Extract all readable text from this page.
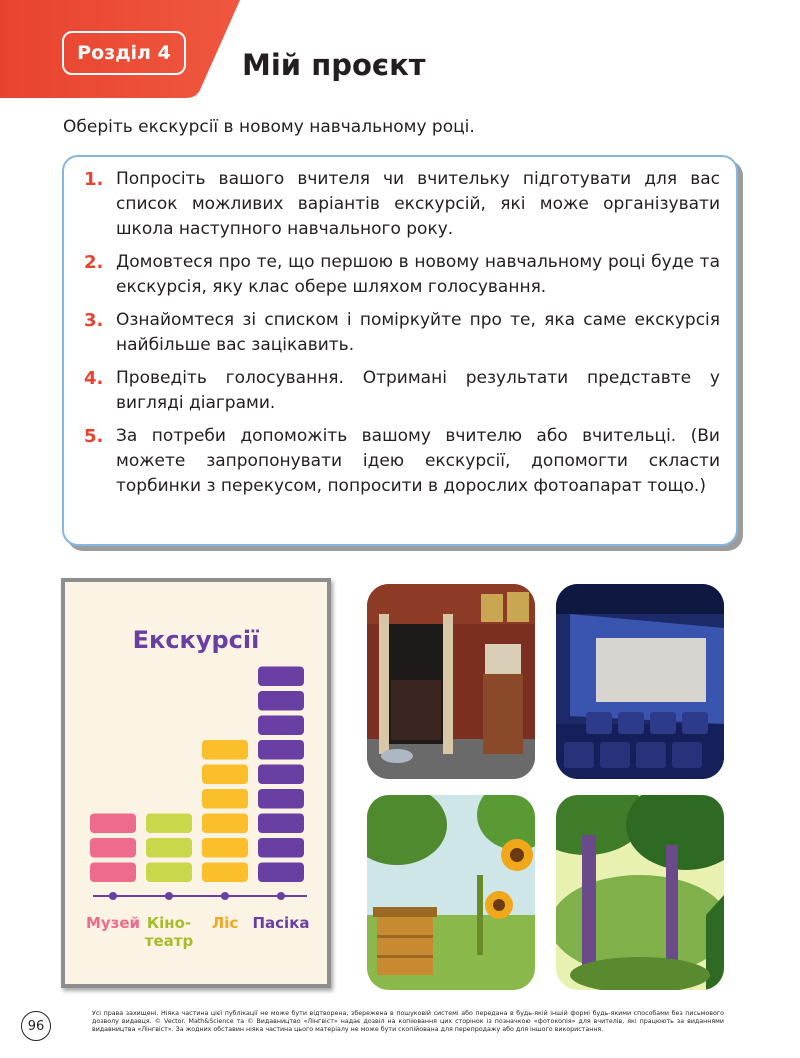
Розділ 4	Мій проєкт
Оберіть екскурсії в новому навчальному році.
1. Попросіть вашого вчителя чи вчительку підготувати для вас список можливих варіантів екскурсій, які може організувати школа наступного навчального року.
2. Домовтеся про те, що першою в новому навчальному році буде та екскурсія, яку клас обере шляхом голосування.
3. Ознайомтеся зі списком і поміркуйте про те, яка саме екскурсія найбільше вас зацікавить.
4. Проведіть голосування. Отримані результати представте у вигляді діаграми.
5. За потреби допоможіть вашому вчителю або вчительці. (Ви можете запропонувати ідею екскурсії, допомогти скласти торбинки з перекусом, попросити в дорослих фотоапарат тощо.)
Екскурсії
Музей Кіно-театр
Ліс Пасіка
96
Усі права захищені. Ніяка частина цієї публікації не може бути відтворена, збережена в пошуковій системі або передана в будь-якій іншій формі будь-якими способами без письмового дозволу видавця. © Vector. Math&Science та © Видавництво «Лінгвіст» надає дозвіл на копіювання цих сторінок із позначкою «фотокопія» для вчителів, які працюють за виданнями видавництва «Лінгвіст». За жодних обставин ніяка частина цього матеріалу не може бути скопійована для перепродажу або для іншого використання.
